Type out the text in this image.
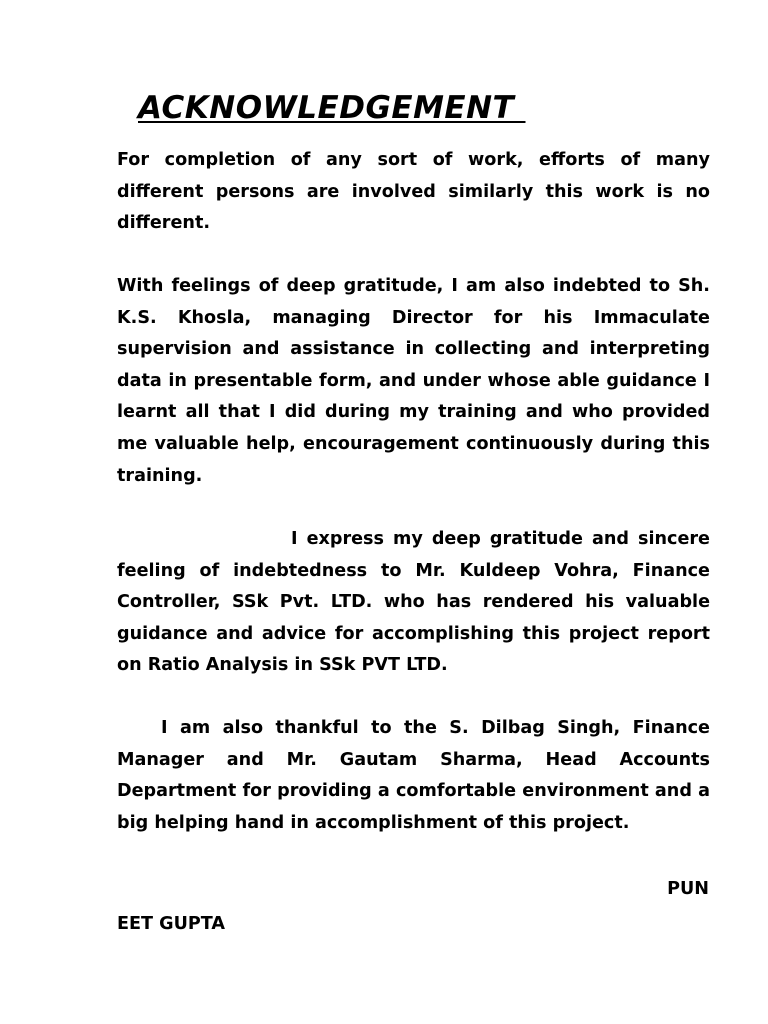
ACKNOWLEDGEMENT

For completion of any sort of work, efforts of many different persons are involved similarly this work is no different.

With feelings of deep gratitude, I am also indebted to Sh. K.S. Khosla, managing Director for his Immaculate supervision and assistance in collecting and interpreting data in presentable form, and under whose able guidance I learnt all that I did during my training and who provided me valuable help, encouragement continuously during this training.

I express my deep gratitude and sincere feeling of indebtedness to Mr. Kuldeep Vohra, Finance Controller, SSk Pvt. LTD. who has rendered his valuable guidance and advice for accomplishing this project report on Ratio Analysis in SSk PVT LTD.

I am also thankful to the S. Dilbag Singh, Finance Manager and Mr. Gautam Sharma, Head Accounts Department for providing a comfortable environment and a big helping hand in accomplishment of this project.

PUN

EET GUPTA
